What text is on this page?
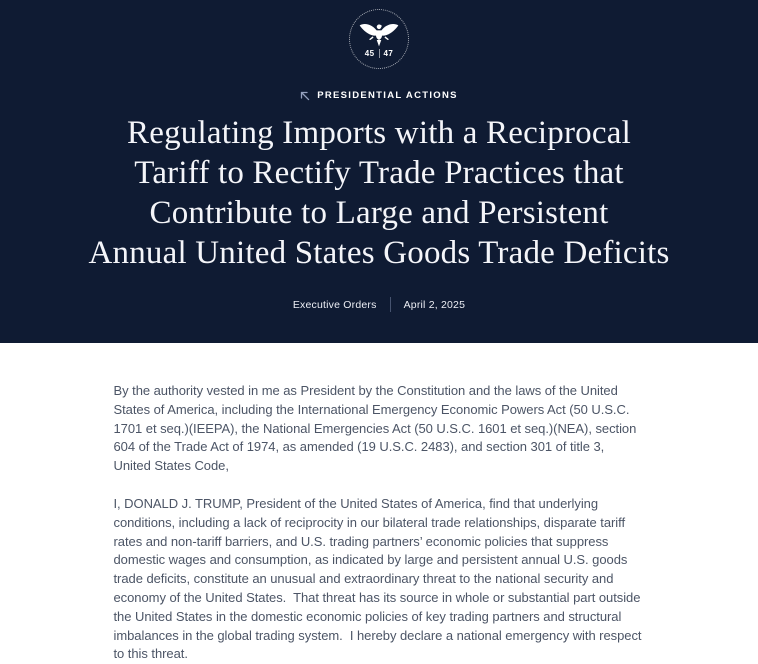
45 47
PRESIDENTIAL ACTIONS
Regulating Imports with a Reciprocal
Tariff to Rectify Trade Practices that
Contribute to Large and Persistent
Annual United States Goods Trade Deficits
Executive Orders	April 2, 2025

By the authority vested in me as President by the Constitution and the laws of the United States of America, including the International Emergency Economic Powers Act (50 U.S.C. 1701 et seq.)(IEEPA), the National Emergencies Act (50 U.S.C. 1601 et seq.)(NEA), section 604 of the Trade Act of 1974, as amended (19 U.S.C. 2483), and section 301 of title 3, United States Code,

I, DONALD J. TRUMP, President of the United States of America, find that underlying conditions, including a lack of reciprocity in our bilateral trade relationships, disparate tariff rates and non-tariff barriers, and U.S. trading partners’ economic policies that suppress domestic wages and consumption, as indicated by large and persistent annual U.S. goods trade deficits, constitute an unusual and extraordinary threat to the national security and economy of the United States.  That threat has its source in whole or substantial part outside the United States in the domestic economic policies of key trading partners and structural imbalances in the global trading system.  I hereby declare a national emergency with respect to this threat.
